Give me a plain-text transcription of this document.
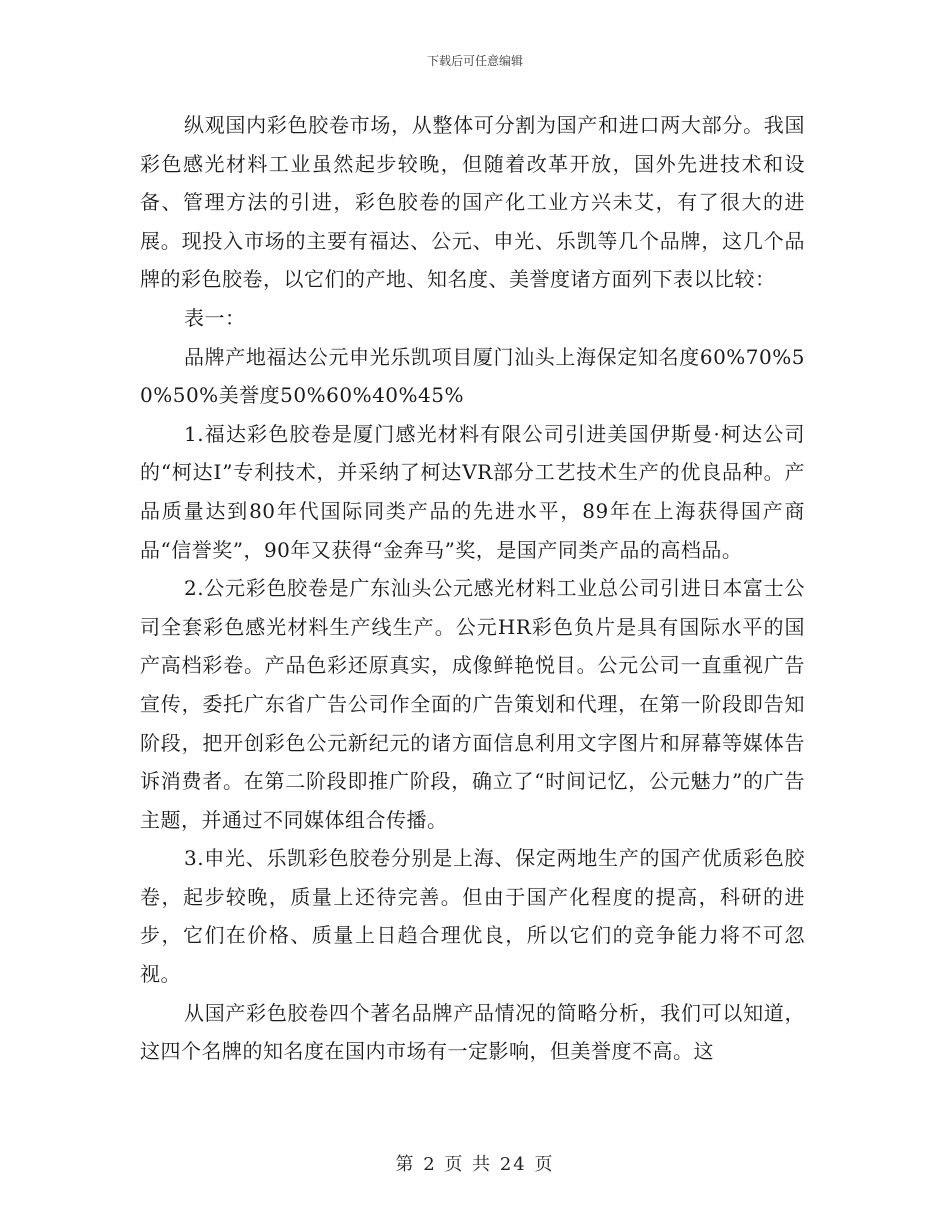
下载后可任意编辑

纵观国内彩色胶卷市场，从整体可分割为国产和进口两大部分。我国彩色感光材料工业虽然起步较晚，但随着改革开放，国外先进技术和设备、管理方法的引进，彩色胶卷的国产化工业方兴未艾，有了很大的进展。现投入市场的主要有福达、公元、申光、乐凯等几个品牌，这几个品牌的彩色胶卷，以它们的产地、知名度、美誉度诸方面列下表以比较：

表一：

品牌产地福达公元申光乐凯项目厦门汕头上海保定知名度60%70%50%50%美誉度50%60%40%45%

1.福达彩色胶卷是厦门感光材料有限公司引进美国伊斯曼·柯达公司的“柯达Ⅰ”专利技术，并采纳了柯达VR部分工艺技术生产的优良品种。产品质量达到80年代国际同类产品的先进水平，89年在上海获得国产商品“信誉奖”，90年又获得“金奔马”奖，是国产同类产品的高档品。

2.公元彩色胶卷是广东汕头公元感光材料工业总公司引进日本富士公司全套彩色感光材料生产线生产。公元HR彩色负片是具有国际水平的国产高档彩卷。产品色彩还原真实，成像鲜艳悦目。公元公司一直重视广告宣传，委托广东省广告公司作全面的广告策划和代理，在第一阶段即告知阶段，把开创彩色公元新纪元的诸方面信息利用文字图片和屏幕等媒体告诉消费者。在第二阶段即推广阶段，确立了“时间记忆，公元魅力”的广告主题，并通过不同媒体组合传播。

3.申光、乐凯彩色胶卷分别是上海、保定两地生产的国产优质彩色胶卷，起步较晚，质量上还待完善。但由于国产化程度的提高，科研的进步，它们在价格、质量上日趋合理优良，所以它们的竞争能力将不可忽视。

从国产彩色胶卷四个著名品牌产品情况的简略分析，我们可以知道，这四个名牌的知名度在国内市场有一定影响，但美誉度不高。这

第 2 页 共 24 页
